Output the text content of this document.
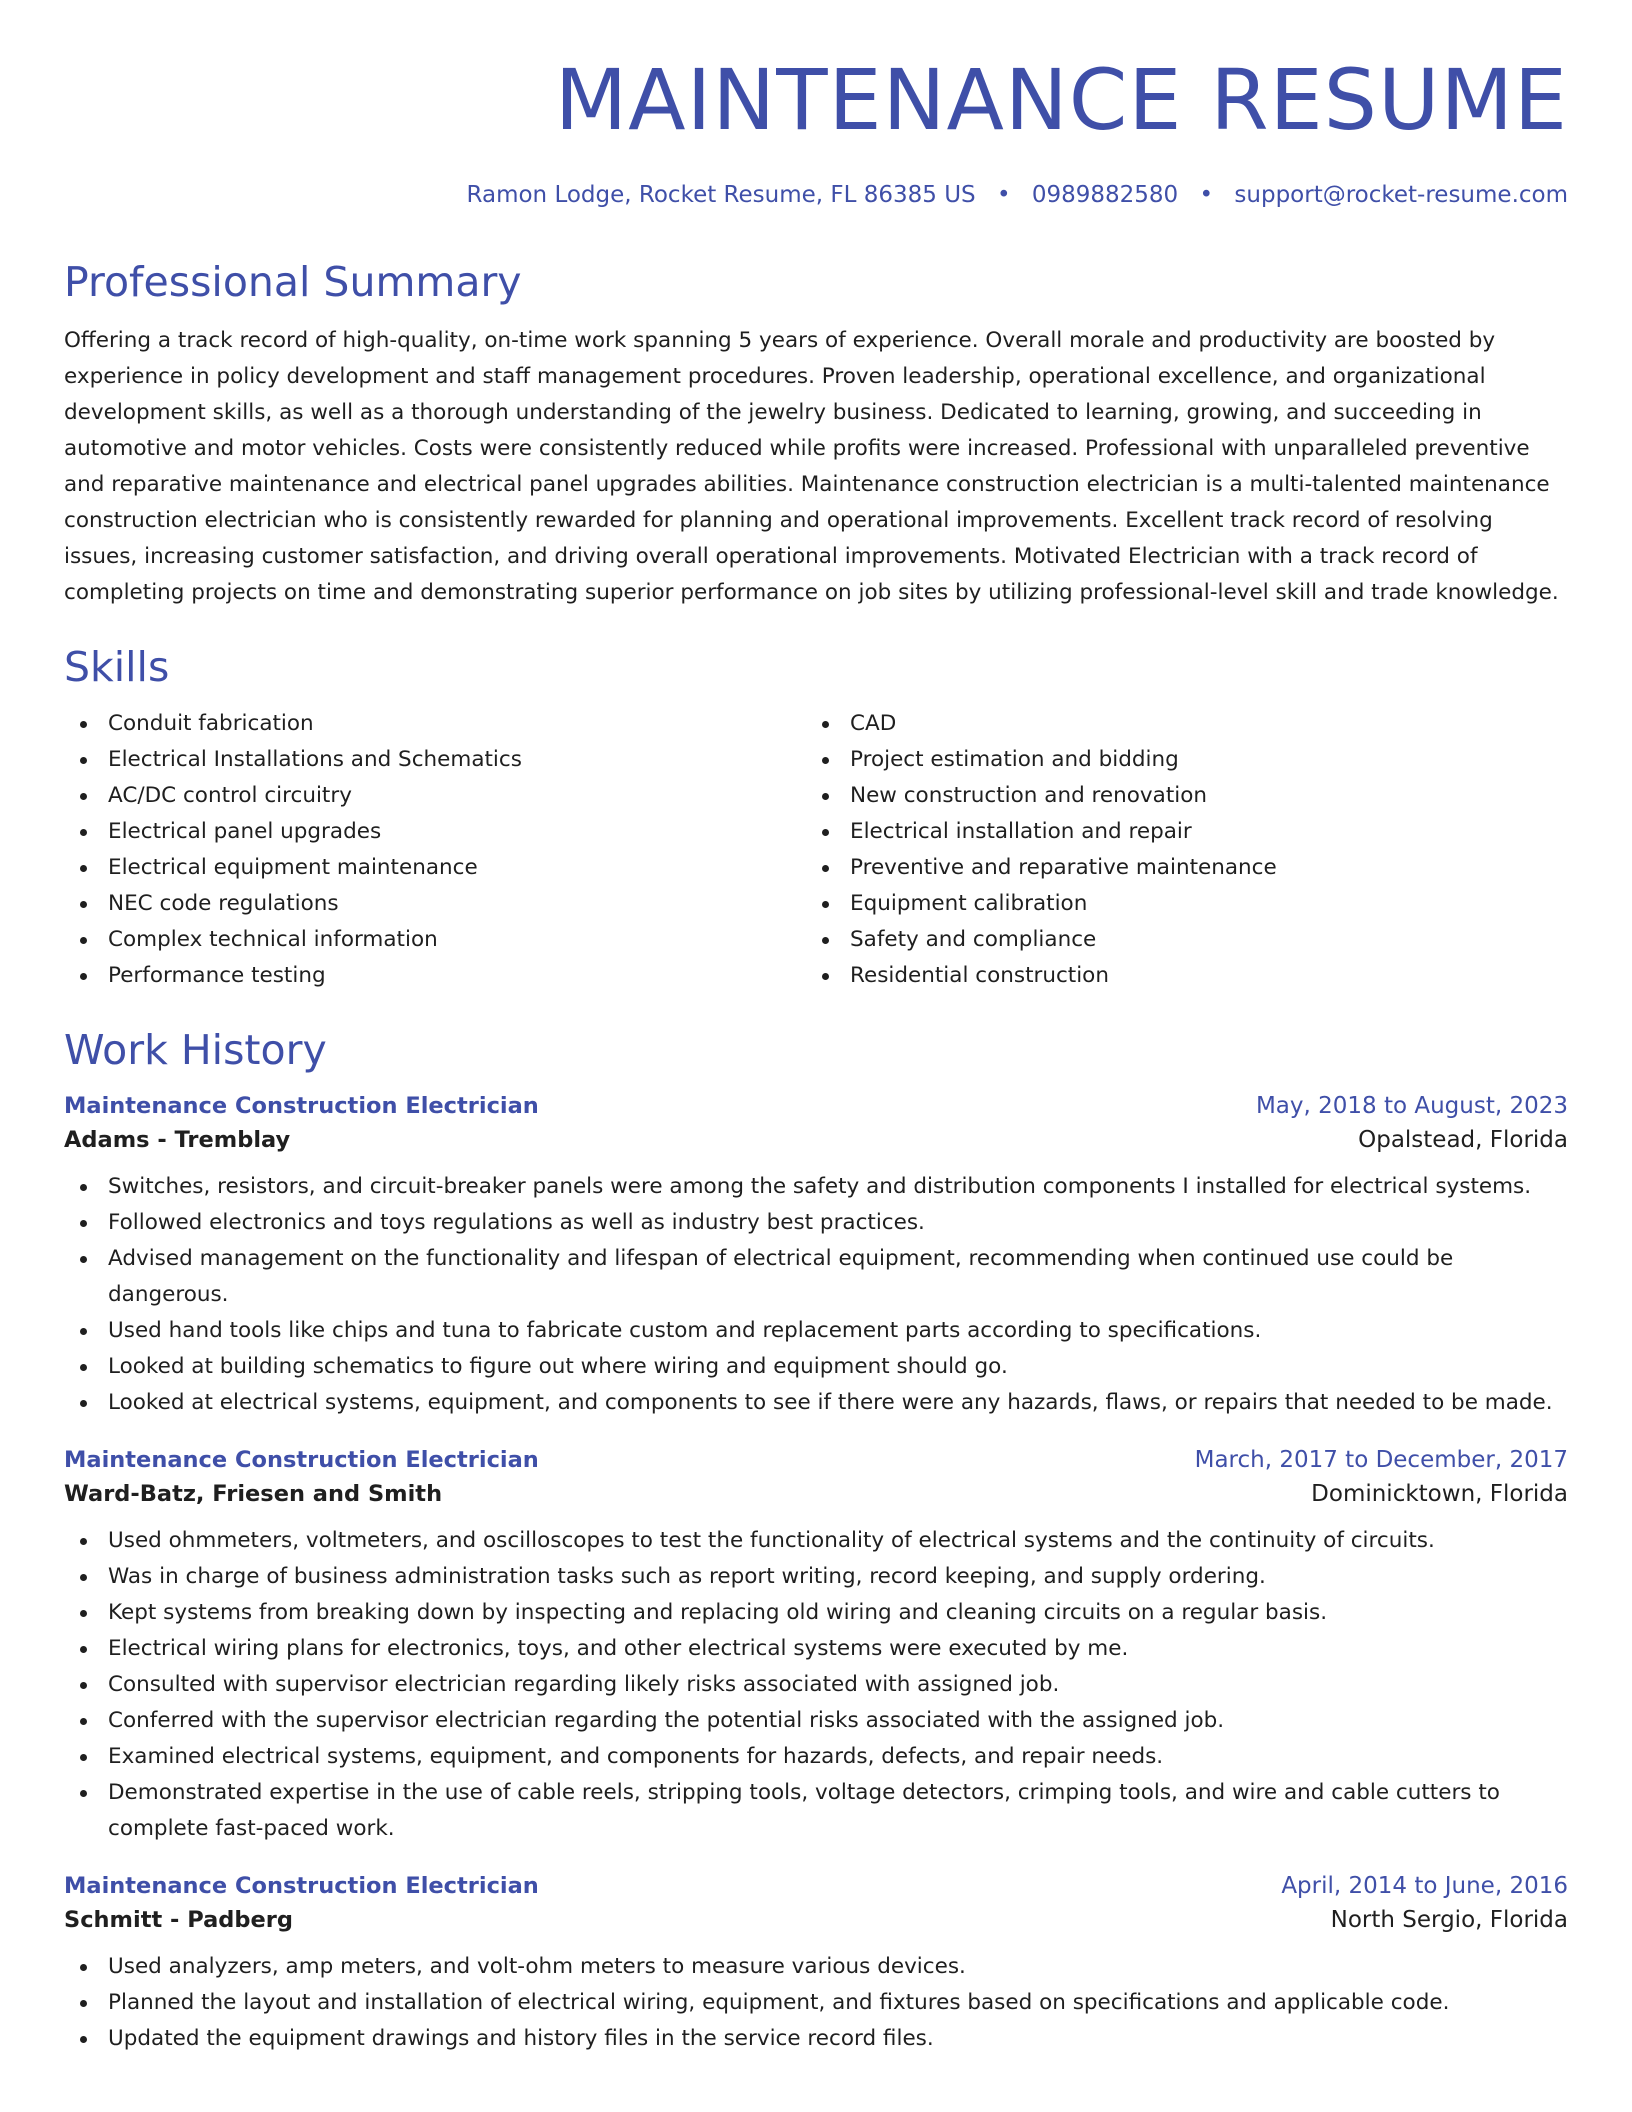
MAINTENANCE RESUME
Ramon Lodge, Rocket Resume, FL 86385 US • 0989882580 • support@rocket-resume.com
Professional Summary

Offering a track record of high-quality, on-time work spanning 5 years of experience. Overall morale and productivity are boosted by experience in policy development and staff management procedures. Proven leadership, operational excellence, and organizational development skills, as well as a thorough understanding of the jewelry business. Dedicated to learning, growing, and succeeding in automotive and motor vehicles. Costs were consistently reduced while profits were increased. Professional with unparalleled preventive and reparative maintenance and electrical panel upgrades abilities. Maintenance construction electrician is a multi-talented maintenance construction electrician who is consistently rewarded for planning and operational improvements. Excellent track record of resolving issues, increasing customer satisfaction, and driving overall operational improvements. Motivated Electrician with a track record of completing projects on time and demonstrating superior performance on job sites by utilizing professional-level skill and trade knowledge.

Skills
Conduit fabrication
Electrical Installations and Schematics
AC/DC control circuitry
Electrical panel upgrades
Electrical equipment maintenance
NEC code regulations
Complex technical information
Performance testing
CAD
Project estimation and bidding
New construction and renovation
Electrical installation and repair
Preventive and reparative maintenance
Equipment calibration
Safety and compliance
Residential construction
Work History
Maintenance Construction Electrician	May, 2018 to August, 2023
Adams - Tremblay	Opalstead, Florida
Switches, resistors, and circuit-breaker panels were among the safety and distribution components I installed for electrical systems.
Followed electronics and toys regulations as well as industry best practices.
Advised management on the functionality and lifespan of electrical equipment, recommending when continued use could be dangerous.
Used hand tools like chips and tuna to fabricate custom and replacement parts according to specifications.
Looked at building schematics to figure out where wiring and equipment should go.
Looked at electrical systems, equipment, and components to see if there were any hazards, flaws, or repairs that needed to be made.
Maintenance Construction Electrician	March, 2017 to December, 2017
Ward-Batz, Friesen and Smith	Dominicktown, Florida
Used ohmmeters, voltmeters, and oscilloscopes to test the functionality of electrical systems and the continuity of circuits.
Was in charge of business administration tasks such as report writing, record keeping, and supply ordering.
Kept systems from breaking down by inspecting and replacing old wiring and cleaning circuits on a regular basis.
Electrical wiring plans for electronics, toys, and other electrical systems were executed by me.
Consulted with supervisor electrician regarding likely risks associated with assigned job.
Conferred with the supervisor electrician regarding the potential risks associated with the assigned job.
Examined electrical systems, equipment, and components for hazards, defects, and repair needs.
Demonstrated expertise in the use of cable reels, stripping tools, voltage detectors, crimping tools, and wire and cable cutters to complete fast-paced work.
Maintenance Construction Electrician	April, 2014 to June, 2016
Schmitt - Padberg	North Sergio, Florida
Used analyzers, amp meters, and volt-ohm meters to measure various devices.
Planned the layout and installation of electrical wiring, equipment, and fixtures based on specifications and applicable code.
Updated the equipment drawings and history files in the service record files.
